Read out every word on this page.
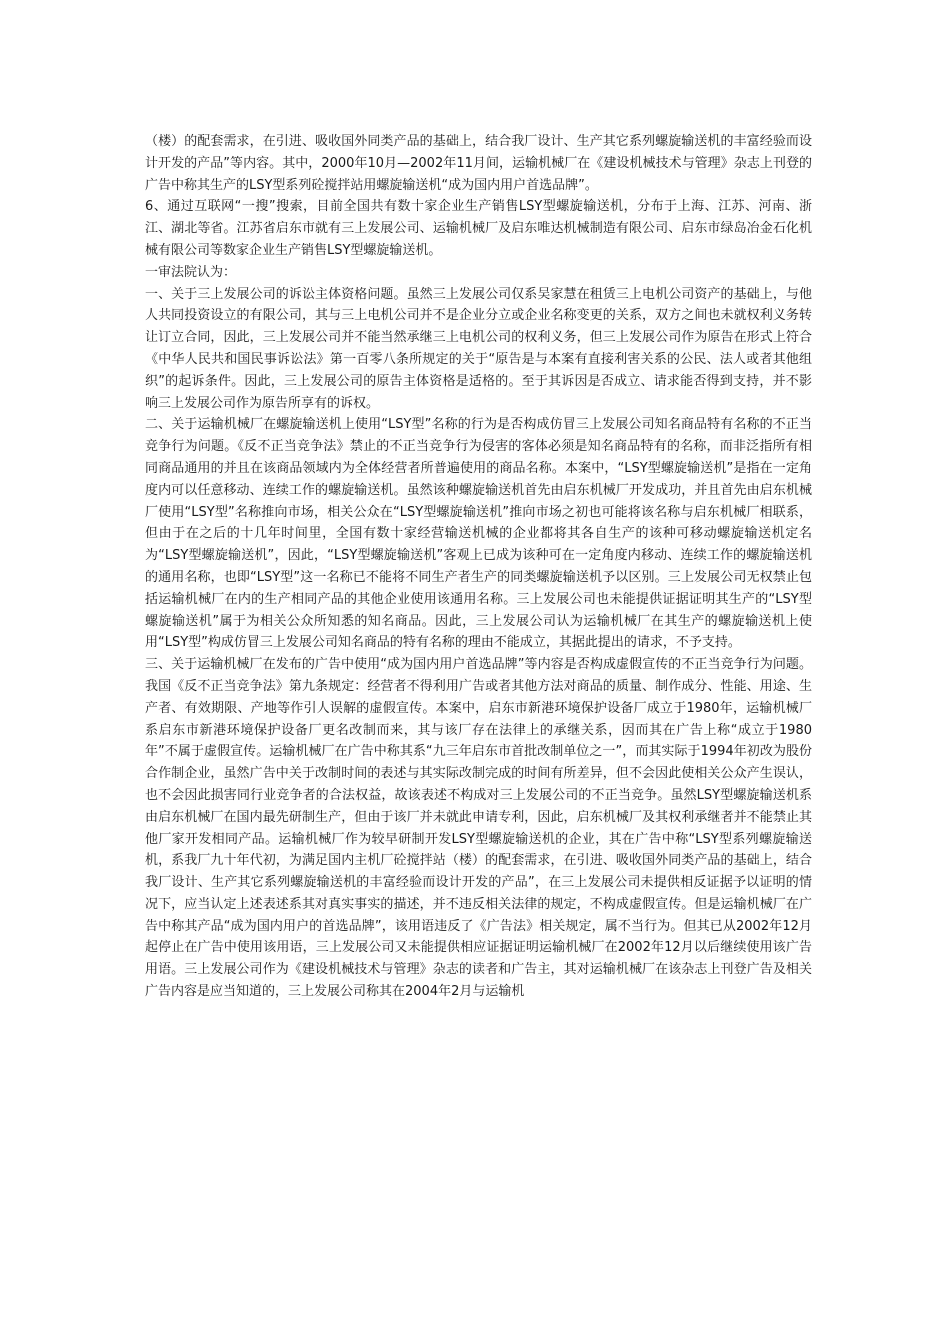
（楼）的配套需求，在引进、吸收国外同类产品的基础上，结合我厂设计、生产其它系列螺旋输送机的丰富经验而设计开发的产品”等内容。其中，2000年10月—2002年11月间，运输机械厂在《建设机械技术与管理》杂志上刊登的广告中称其生产的LSY型系列砼搅拌站用螺旋输送机“成为国内用户首选品牌”。

6、通过互联网“一搜”搜索，目前全国共有数十家企业生产销售LSY型螺旋输送机，分布于上海、江苏、河南、浙江、湖北等省。江苏省启东市就有三上发展公司、运输机械厂及启东唯达机械制造有限公司、启东市绿岛冶金石化机械有限公司等数家企业生产销售LSY型螺旋输送机。

一审法院认为：

一、关于三上发展公司的诉讼主体资格问题。虽然三上发展公司仅系吴家慧在租赁三上电机公司资产的基础上，与他人共同投资设立的有限公司，其与三上电机公司并不是企业分立或企业名称变更的关系，双方之间也未就权利义务转让订立合同，因此，三上发展公司并不能当然承继三上电机公司的权利义务，但三上发展公司作为原告在形式上符合《中华人民共和国民事诉讼法》第一百零八条所规定的关于“原告是与本案有直接利害关系的公民、法人或者其他组织”的起诉条件。因此，三上发展公司的原告主体资格是适格的。至于其诉因是否成立、请求能否得到支持，并不影响三上发展公司作为原告所享有的诉权。

二、关于运输机械厂在螺旋输送机上使用“LSY型”名称的行为是否构成仿冒三上发展公司知名商品特有名称的不正当竞争行为问题。《反不正当竞争法》禁止的不正当竞争行为侵害的客体必须是知名商品特有的名称，而非泛指所有相同商品通用的并且在该商品领域内为全体经营者所普遍使用的商品名称。本案中，“LSY型螺旋输送机”是指在一定角度内可以任意移动、连续工作的螺旋输送机。虽然该种螺旋输送机首先由启东机械厂开发成功，并且首先由启东机械厂使用“LSY型”名称推向市场，相关公众在“LSY型螺旋输送机”推向市场之初也可能将该名称与启东机械厂相联系，但由于在之后的十几年时间里，全国有数十家经营输送机械的企业都将其各自生产的该种可移动螺旋输送机定名为“LSY型螺旋输送机”，因此，“LSY型螺旋输送机”客观上已成为该种可在一定角度内移动、连续工作的螺旋输送机的通用名称，也即“LSY型”这一名称已不能将不同生产者生产的同类螺旋输送机予以区别。三上发展公司无权禁止包括运输机械厂在内的生产相同产品的其他企业使用该通用名称。三上发展公司也未能提供证据证明其生产的“LSY型螺旋输送机”属于为相关公众所知悉的知名商品。因此，三上发展公司认为运输机械厂在其生产的螺旋输送机上使用“LSY型”构成仿冒三上发展公司知名商品的特有名称的理由不能成立，其据此提出的请求，不予支持。

三、关于运输机械厂在发布的广告中使用“成为国内用户首选品牌”等内容是否构成虚假宣传的不正当竞争行为问题。我国《反不正当竞争法》第九条规定：经营者不得利用广告或者其他方法对商品的质量、制作成分、性能、用途、生产者、有效期限、产地等作引人误解的虚假宣传。本案中，启东市新港环境保护设备厂成立于1980年，运输机械厂系启东市新港环境保护设备厂更名改制而来，其与该厂存在法律上的承继关系，因而其在广告上称“成立于1980年”不属于虚假宣传。运输机械厂在广告中称其系“九三年启东市首批改制单位之一”，而其实际于1994年初改为股份合作制企业，虽然广告中关于改制时间的表述与其实际改制完成的时间有所差异，但不会因此使相关公众产生误认，也不会因此损害同行业竞争者的合法权益，故该表述不构成对三上发展公司的不正当竞争。虽然LSY型螺旋输送机系由启东机械厂在国内最先研制生产，但由于该厂并未就此申请专利，因此，启东机械厂及其权利承继者并不能禁止其他厂家开发相同产品。运输机械厂作为较早研制开发LSY型螺旋输送机的企业，其在广告中称“LSY型系列螺旋输送机，系我厂九十年代初，为满足国内主机厂砼搅拌站（楼）的配套需求，在引进、吸收国外同类产品的基础上，结合我厂设计、生产其它系列螺旋输送机的丰富经验而设计开发的产品”，在三上发展公司未提供相反证据予以证明的情况下，应当认定上述表述系其对真实事实的描述，并不违反相关法律的规定，不构成虚假宣传。但是运输机械厂在广告中称其产品“成为国内用户的首选品牌”，该用语违反了《广告法》相关规定，属不当行为。但其已从2002年12月起停止在广告中使用该用语，三上发展公司又未能提供相应证据证明运输机械厂在2002年12月以后继续使用该广告用语。三上发展公司作为《建设机械技术与管理》杂志的读者和广告主，其对运输机械厂在该杂志上刊登广告及相关广告内容是应当知道的，三上发展公司称其在2004年2月与运输机
